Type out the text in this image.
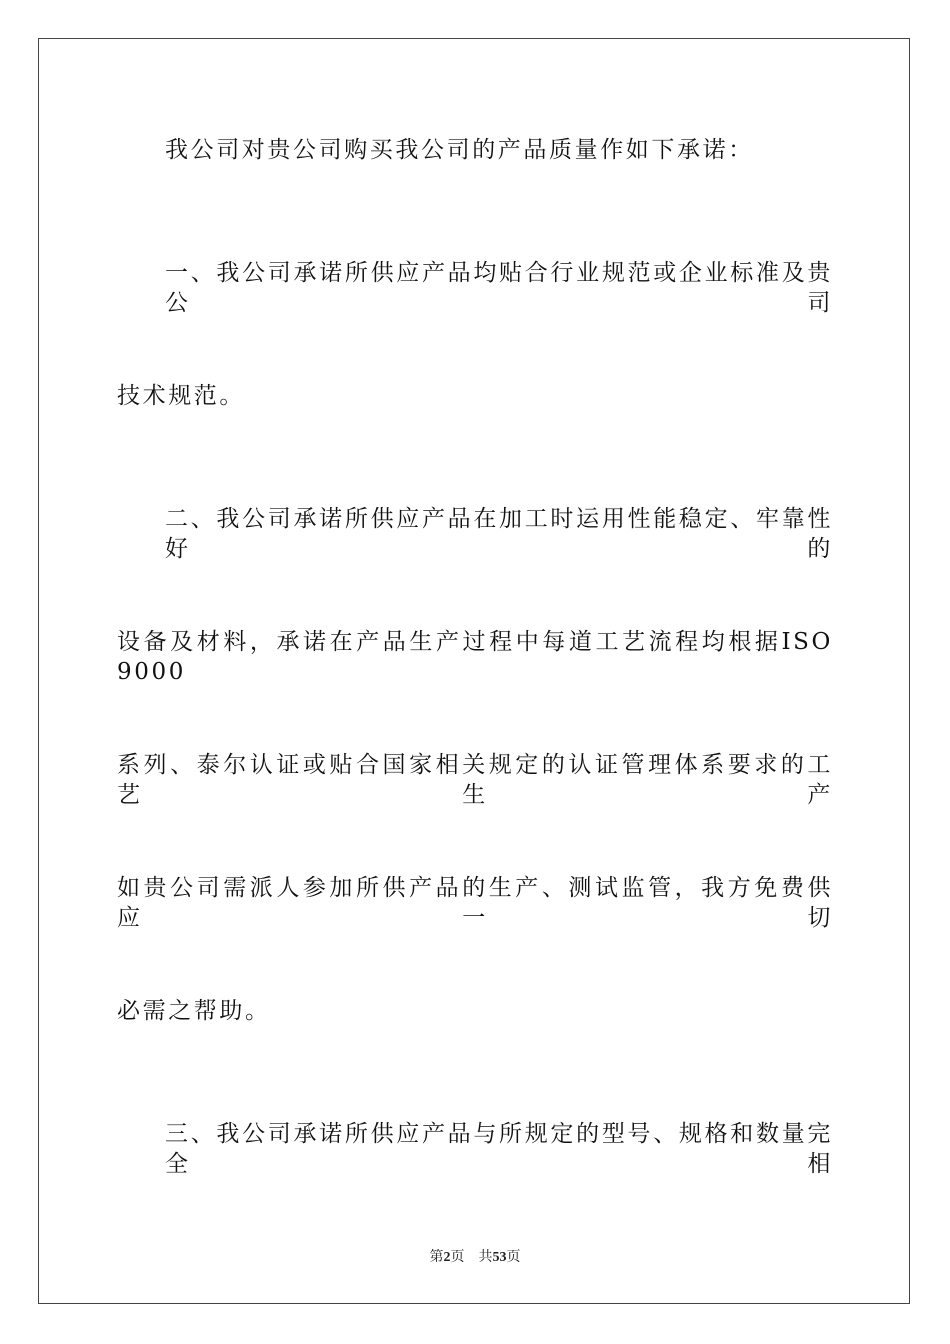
我公司对贵公司购买我公司的产品质量作如下承诺：
一、我公司承诺所供应产品均贴合行业规范或企业标准及贵公司
技术规范。
二、我公司承诺所供应产品在加工时运用性能稳定、牢靠性好的
设备及材料，承诺在产品生产过程中每道工艺流程均根据ISO 9000
系列、泰尔认证或贴合国家相关规定的认证管理体系要求的工艺生产
如贵公司需派人参加所供产品的生产、测试监管，我方免费供应一切
必需之帮助。
三、我公司承诺所供应产品与所规定的型号、规格和数量完全相
第2页 共53页
